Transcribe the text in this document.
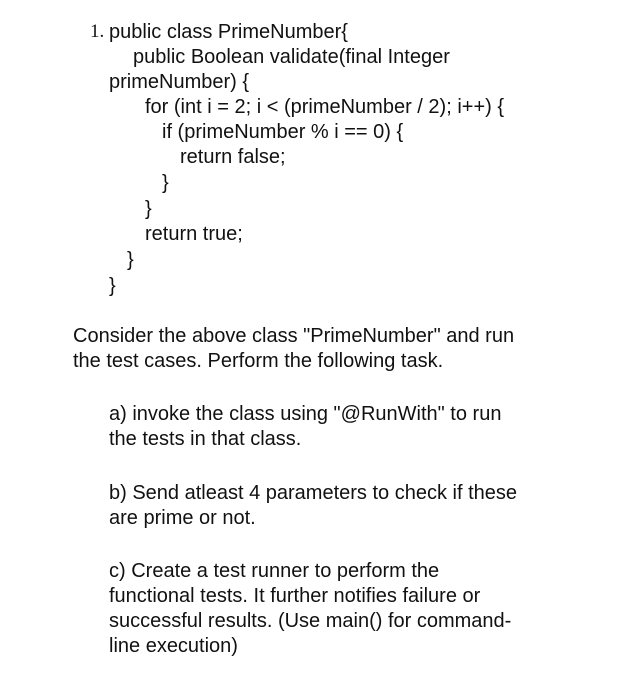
1. public class PrimeNumber{
public Boolean validate(final Integer
primeNumber) {
for (int i = 2; i < (primeNumber / 2); i++) {
if (primeNumber % i == 0) {
return false;
}
}
return true;
}
}
Consider the above class "PrimeNumber" and run
the test cases. Perform the following task.
a) invoke the class using "@RunWith" to run
the tests in that class.
b) Send atleast 4 parameters to check if these
are prime or not.
c) Create a test runner to perform the
functional tests. It further notifies failure or
successful results. (Use main() for command-
line execution)
